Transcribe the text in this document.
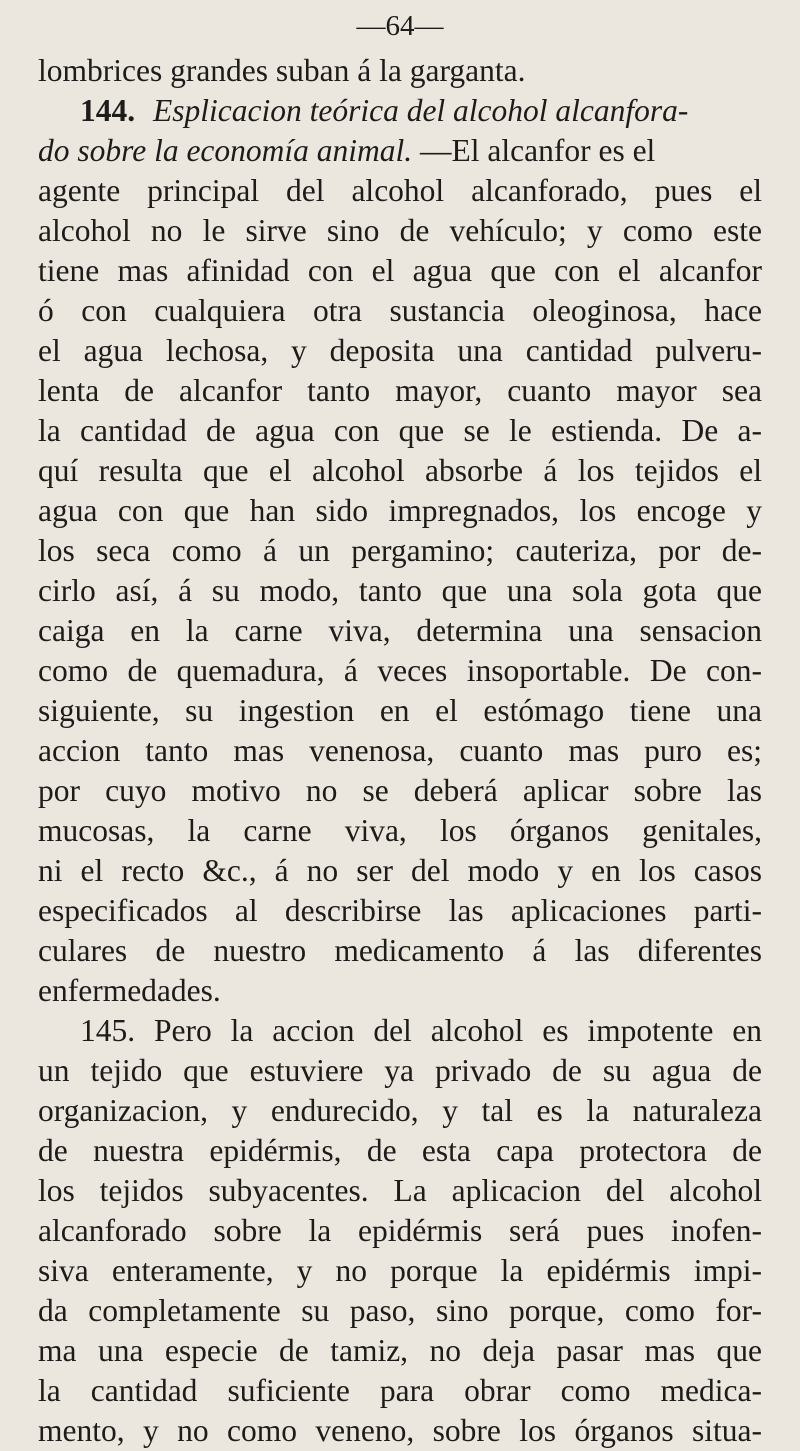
—64—
lombrices grandes suban á la garganta.
144. Esplicacion teórica del alcohol alcanfora-
do sobre la economía animal. —El alcanfor es el
agente principal del alcohol alcanforado, pues el
alcohol no le sirve sino de vehículo; y como este
tiene mas afinidad con el agua que con el alcanfor
ó con cualquiera otra sustancia oleoginosa, hace
el agua lechosa, y deposita una cantidad pulveru-
lenta de alcanfor tanto mayor, cuanto mayor sea
la cantidad de agua con que se le estienda. De a-
quí resulta que el alcohol absorbe á los tejidos el
agua con que han sido impregnados, los encoge y
los seca como á un pergamino; cauteriza, por de-
cirlo así, á su modo, tanto que una sola gota que
caiga en la carne viva, determina una sensacion
como de quemadura, á veces insoportable. De con-
siguiente, su ingestion en el estómago tiene una
accion tanto mas venenosa, cuanto mas puro es;
por cuyo motivo no se deberá aplicar sobre las
mucosas, la carne viva, los órganos genitales,
ni el recto &c., á no ser del modo y en los casos
especificados al describirse las aplicaciones parti-
culares de nuestro medicamento á las diferentes
enfermedades.
145. Pero la accion del alcohol es impotente en
un tejido que estuviere ya privado de su agua de
organizacion, y endurecido, y tal es la naturaleza
de nuestra epidérmis, de esta capa protectora de
los tejidos subyacentes. La aplicacion del alcohol
alcanforado sobre la epidérmis será pues inofen-
siva enteramente, y no porque la epidérmis impi-
da completamente su paso, sino porque, como for-
ma una especie de tamiz, no deja pasar mas que
la cantidad suficiente para obrar como medica-
mento, y no como veneno, sobre los órganos situa-
